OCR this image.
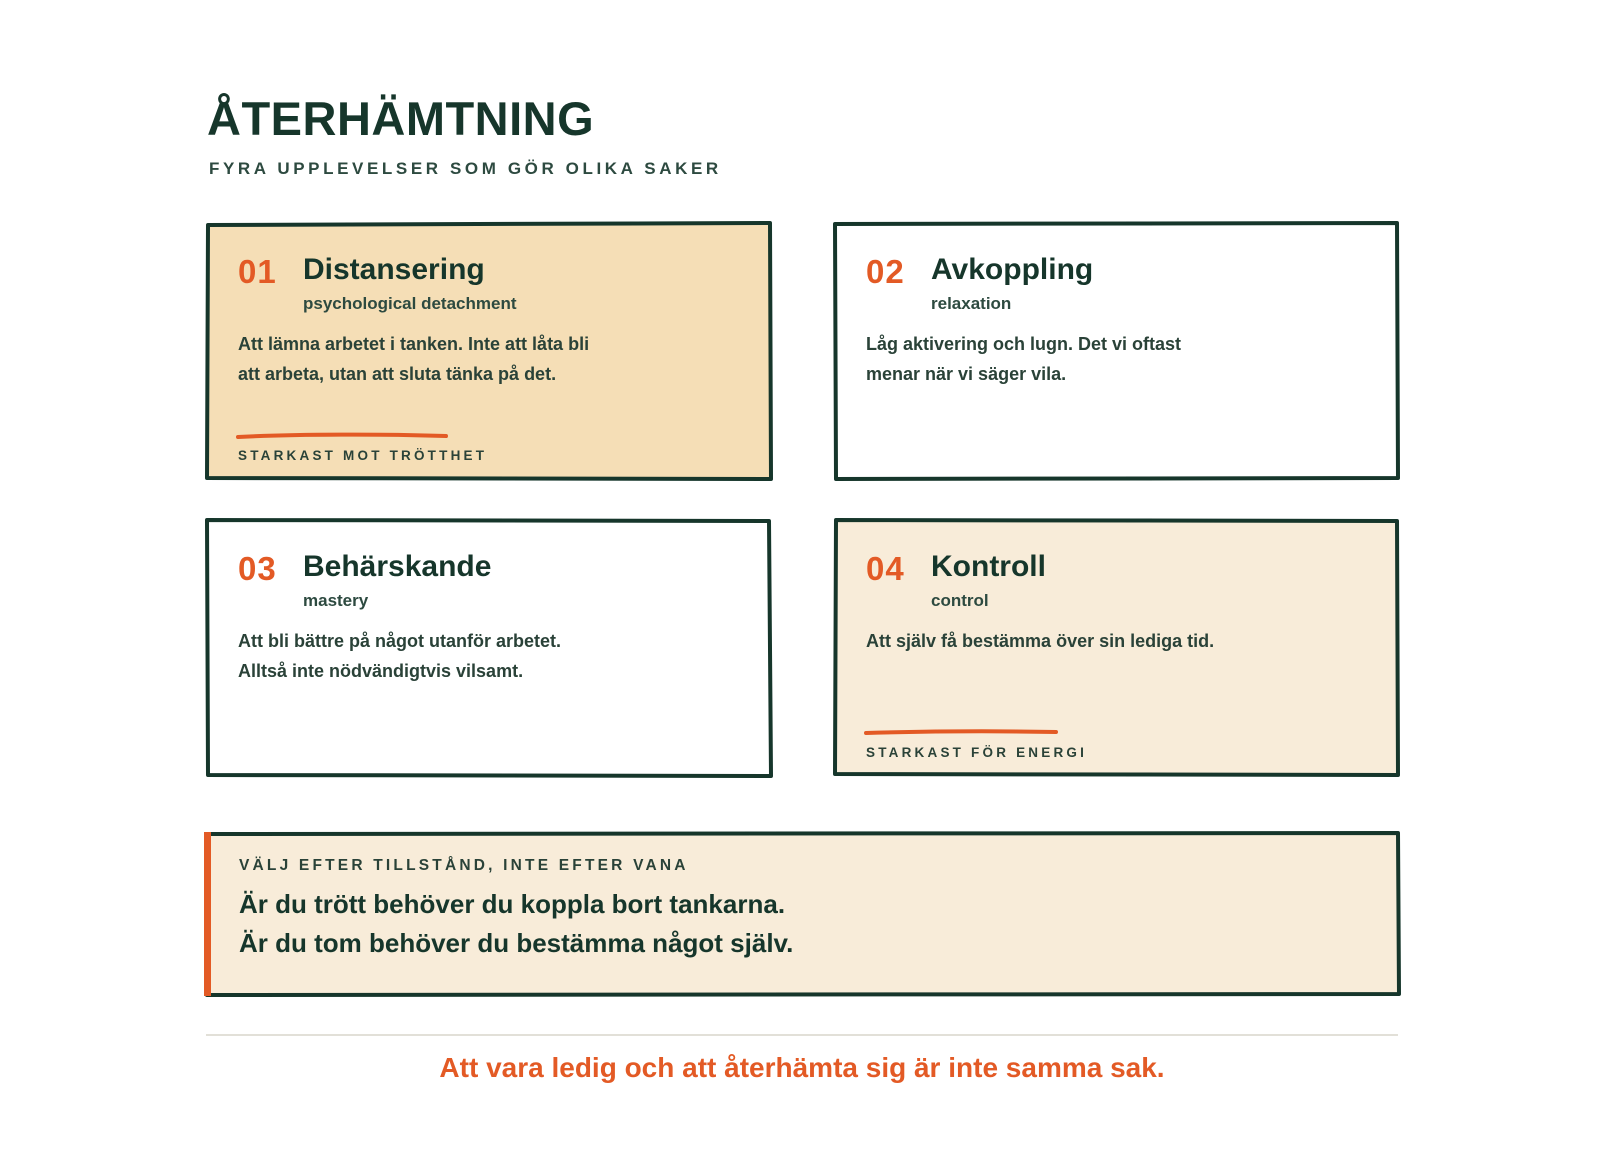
ÅTERHÄMTNING
FYRA UPPLEVELSER SOM GÖR OLIKA SAKER
01 Distansering
psychological detachment
Att lämna arbetet i tanken. Inte att låta bli att arbeta, utan att sluta tänka på det.
STARKAST MOT TRÖTTHET
02 Avkoppling
relaxation
Låg aktivering och lugn. Det vi oftast menar när vi säger vila.
03 Behärskande
mastery
Att bli bättre på något utanför arbetet. Alltså inte nödvändigtvis vilsamt.
04 Kontroll
control
Att själv få bestämma över sin lediga tid.
STARKAST FÖR ENERGI
VÄLJ EFTER TILLSTÅND, INTE EFTER VANA
Är du trött behöver du koppla bort tankarna.
Är du tom behöver du bestämma något själv.
Att vara ledig och att återhämta sig är inte samma sak.
